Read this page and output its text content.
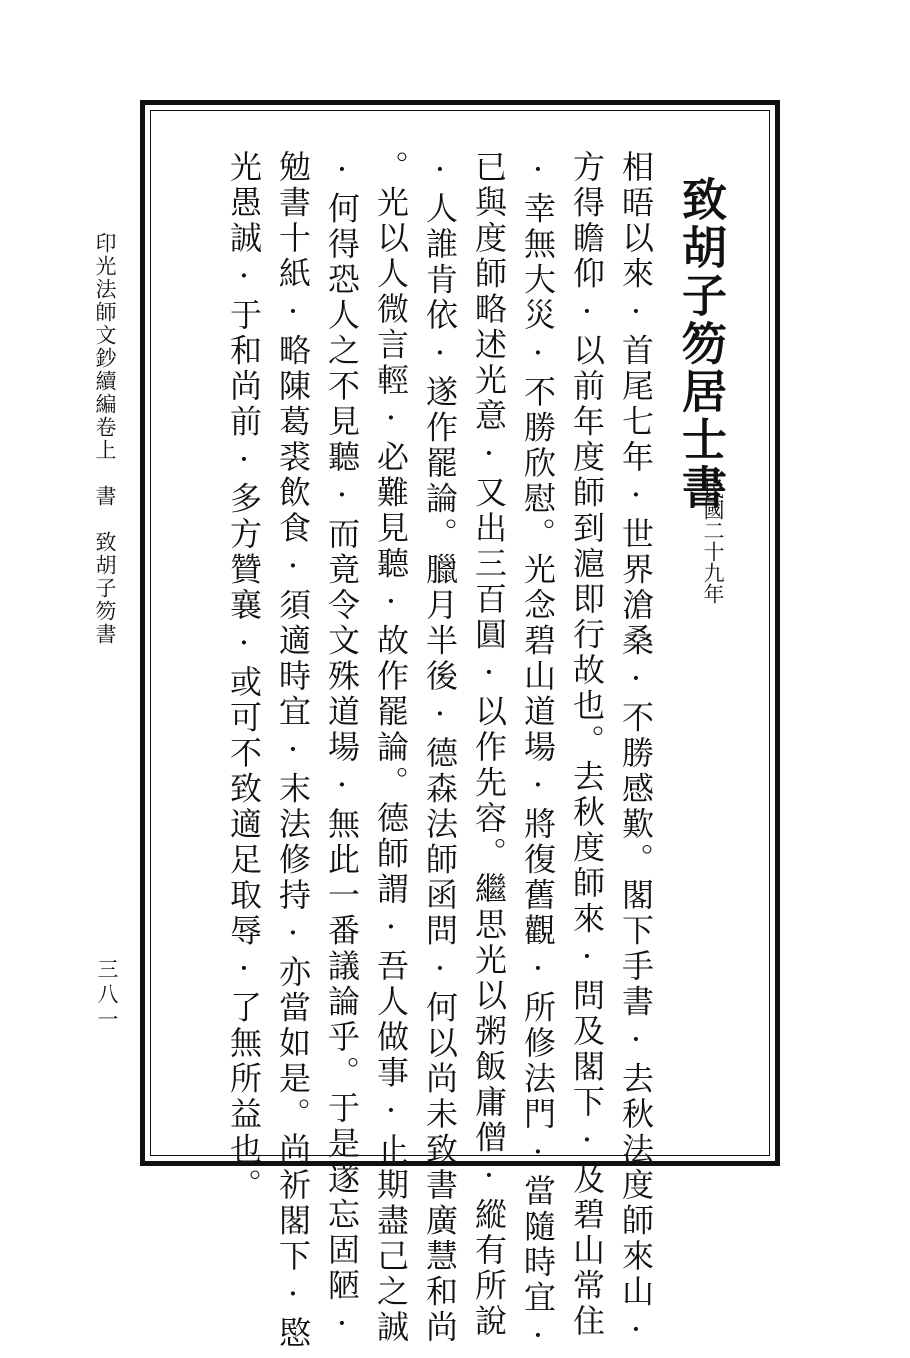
印光法師文鈔續編卷上　書　致胡子笏書
三八一
致胡子笏居士書
民國二十九年
相晤以來·首尾七年·世界滄桑·不勝感歎。閣下手書·去秋法度師來山·
方得瞻仰·以前年度師到滬即行故也。去秋度師來·問及閣下·及碧山常住
·幸無大災·不勝欣慰。光念碧山道場·將復舊觀·所修法門·當隨時宜·
已與度師略述光意·又出三百圓·以作先容。繼思光以粥飯庸僧·縱有所說
·人誰肯依·遂作罷論。臘月半後·德森法師函問·何以尚未致書廣慧和尚
。光以人微言輕·必難見聽·故作罷論。德師謂·吾人做事·止期盡己之誠
·何得恐人之不見聽·而竟令文殊道場·無此一番議論乎。于是遂忘固陋·
勉書十紙·略陳葛裘飲食·須適時宜·末法修持·亦當如是。尚祈閣下·愍
光愚誠·于和尚前·多方贊襄·或可不致適足取辱·了無所益也。
